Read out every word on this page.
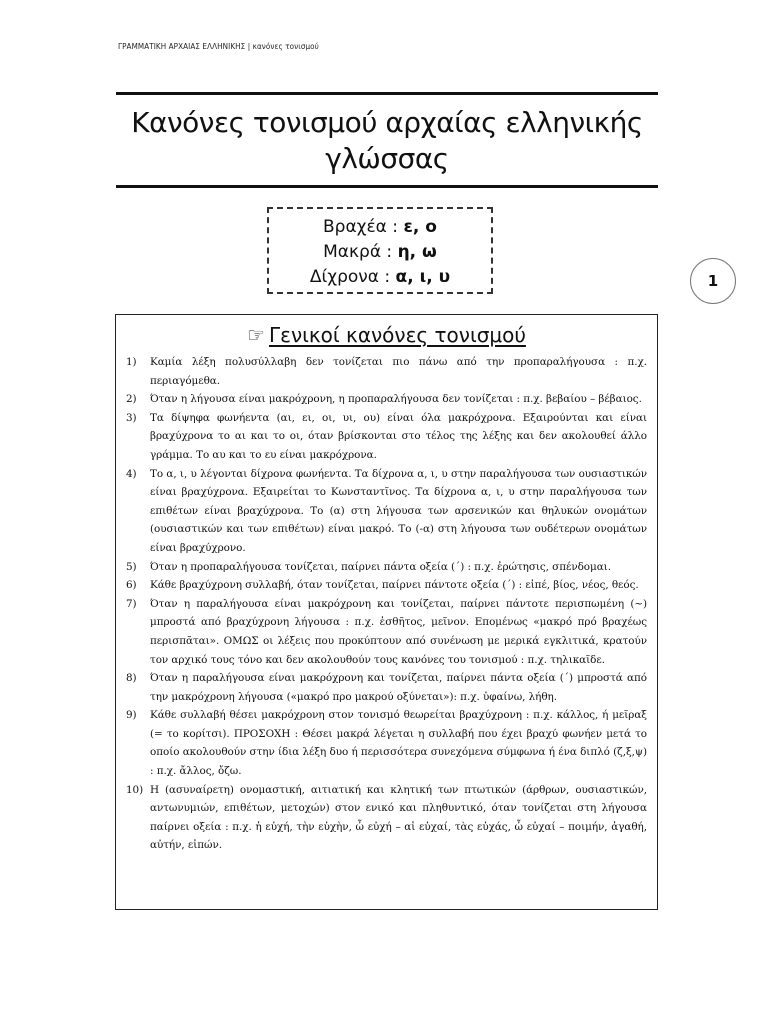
ΓΡΑΜΜΑΤΙΚΗ ΑΡΧΑΙΑΣ ΕΛΛΗΝΙΚΗΣ | κανόνες τονισμού
Κανόνες τονισμού αρχαίας ελληνικής
γλώσσας
Βραχέα : ε, ο
Μακρά : η, ω
Δίχρονα : α, ι, υ	1
☞ Γενικοί κανόνες τονισμού
1) Καμία λέξη πολυσύλλαβη δεν τονίζεται πιο πάνω από την προπαραλήγουσα : π.χ. περιαγόμεθα.
2) Όταν η λήγουσα είναι μακρόχρονη, η προπαραλήγουσα δεν τονίζεται : π.χ. βεβαίου – βέβαιος.
3) Τα δίψηφα φωνήεντα (αι, ει, οι, υι, ου) είναι όλα μακρόχρονα. Εξαιρούνται και είναι βραχύχρονα το αι και το οι, όταν βρίσκονται στο τέλος της λέξης και δεν ακολουθεί άλλο γράμμα. Το αυ και το ευ είναι μακρόχρονα.
4) Το α, ι, υ λέγονται δίχρονα φωνήεντα. Τα δίχρονα α, ι, υ στην παραλήγουσα των ουσιαστικών είναι βραχύχρονα. Εξαιρείται το Κωνσταντῖνος. Τα δίχρονα α, ι, υ στην παραλήγουσα των επιθέτων είναι βραχύχρονα. Το (α) στη λήγουσα των αρσενικών και θηλυκών ονομάτων (ουσιαστικών και των επιθέτων) είναι μακρό. Το (-α) στη λήγουσα των ουδέτερων ονομάτων είναι βραχύχρονο.
5) Όταν η προπαραλήγουσα τονίζεται, παίρνει πάντα οξεία (΄) : π.χ. ἐρώτησις, σπένδομαι.
6) Κάθε βραχύχρονη συλλαβή, όταν τονίζεται, παίρνει πάντοτε οξεία (΄) : εἰπέ, βίος, νέος, θεός.
7) Όταν η παραλήγουσα είναι μακρόχρονη και τονίζεται, παίρνει πάντοτε περισπωμένη (~) μπροστά από βραχύχρονη λήγουσα : π.χ. ἐσθῆτος, μεῖνον. Επομένως «μακρό πρό βραχέως περισπᾶται». ΟΜΩΣ οι λέξεις που προκύπτουν από συνένωση με μερικά εγκλιτικά, κρατούν τον αρχικό τους τόνο και δεν ακολουθούν τους κανόνες του τονισμού : π.χ. τηλικαῖδε.
8) Όταν η παραλήγουσα είναι μακρόχρονη και τονίζεται, παίρνει πάντα οξεία (΄) μπροστά από την μακρόχρονη λήγουσα («μακρό προ μακρού οξύνεται»): π.χ. ὑφαίνω, λήθη.
9) Κάθε συλλαβή θέσει μακρόχρονη στον τονισμό θεωρείται βραχύχρονη : π.χ. κάλλος, ή μεῖραξ (= το κορίτσι). ΠΡΟΣΟΧΗ : Θέσει μακρά λέγεται η συλλαβή που έχει βραχύ φωνήεν μετά το οποίο ακολουθούν στην ίδια λέξη δυο ή περισσότερα συνεχόμενα σύμφωνα ή ένα διπλό (ζ,ξ,ψ) : π.χ. ἄλλος, ὄζω.
10) Η (ασυναίρετη) ονομαστική, αιτιατική και κλητική των πτωτικών (άρθρων, ουσιαστικών, αντωνυμιών, επιθέτων, μετοχών) στον ενικό και πληθυντικό, όταν τονίζεται στη λήγουσα παίρνει οξεία : π.χ. ἡ εὐχή, τὴν εὐχὴν, ὦ εὐχή – αἱ εὐχαί, τὰς εὐχάς, ὦ εὐχαί – ποιμήν, ἀγαθή, αὐτήν, εἰπών.
